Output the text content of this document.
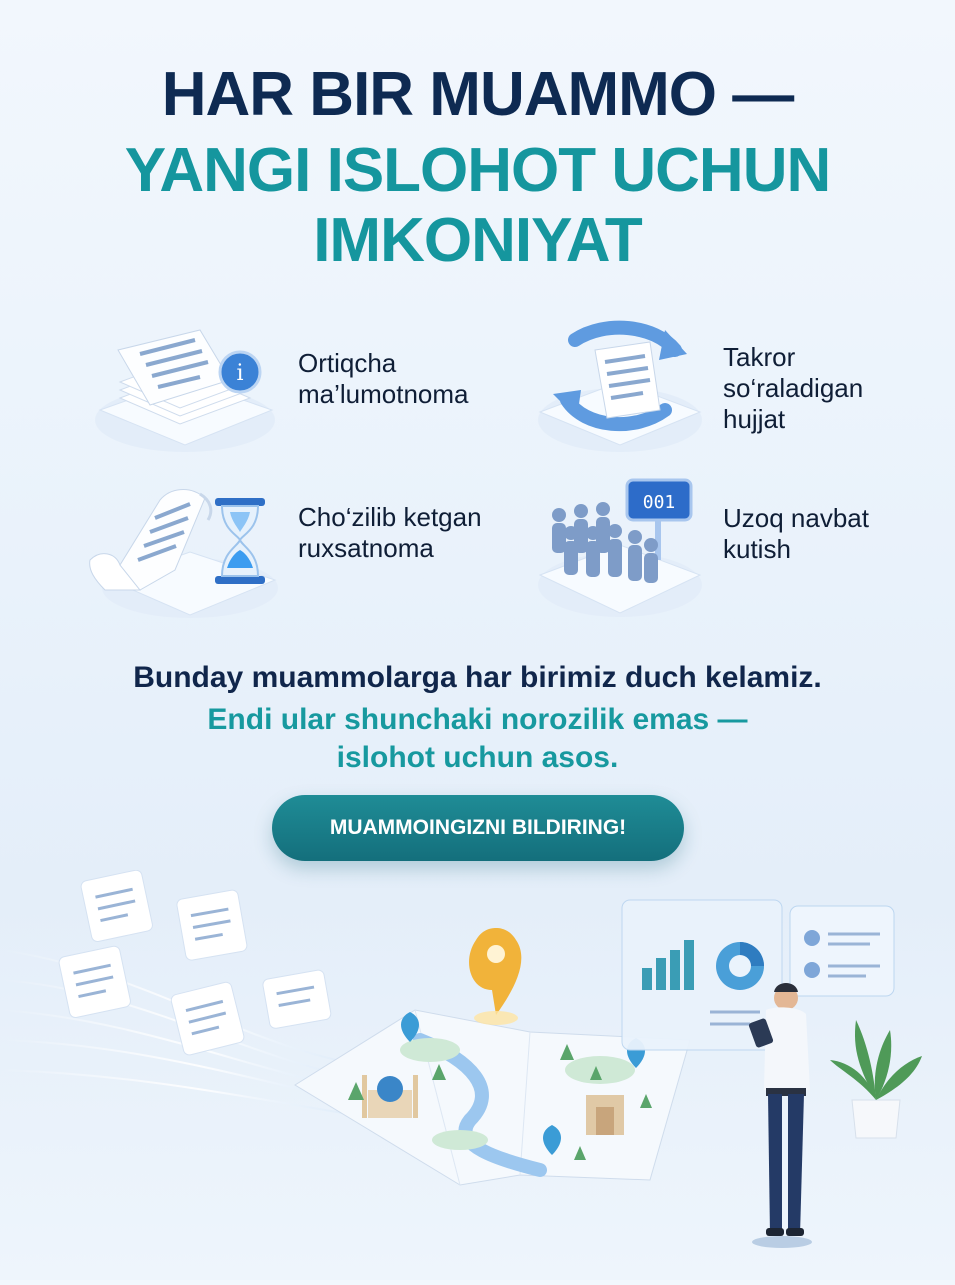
HAR BIR MUAMMO —
YANGI ISLOHOT UCHUN
IMKONIYAT
i Ortiqcha
ma’lumotnoma
Takror
so‘raladigan
hujjat
Cho‘zilib ketgan
ruxsatnoma
001
Uzoq navbat
kutish

Bunday muammolarga har birimiz duch kelamiz.

Endi ular shunchaki norozilik emas —

islohot uchun asos.

MUAMMOINGIZNI BILDIRING!
